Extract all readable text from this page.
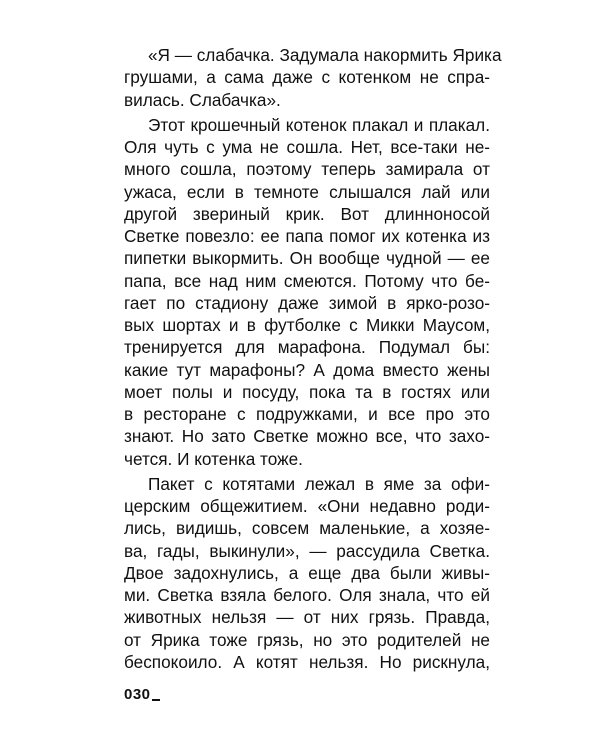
«Я — слабачка. Задумала накормить Ярика
грушами, а сама даже с котенком не спра-
вилась. Слабачка».
Этот крошечный котенок плакал и плакал.
Оля чуть с ума не сошла. Нет, все-таки не-
много сошла, поэтому теперь замирала от
ужаса, если в темноте слышался лай или
другой звериный крик. Вот длинноносой
Светке повезло: ее папа помог их котенка из
пипетки выкормить. Он вообще чудной — ее
папа, все над ним смеются. Потому что бе-
гает по стадиону даже зимой в ярко-розо-
вых шортах и в футболке с Микки Маусом,
тренируется для марафона. Подумал бы:
какие тут марафоны? А дома вместо жены
моет полы и посуду, пока та в гостях или
в ресторане с подружками, и все про это
знают. Но зато Светке можно все, что захо-
чется. И котенка тоже.
Пакет с котятами лежал в яме за офи-
церским общежитием. «Они недавно роди-
лись, видишь, совсем маленькие, а хозяе-
ва, гады, выкинули», — рассудила Светка.
Двое задохнулись, а еще два были живы-
ми. Светка взяла белого. Оля знала, что ей
животных нельзя — от них грязь. Правда,
от Ярика тоже грязь, но это родителей не
беспокоило. А котят нельзя. Но рискнула,
030
